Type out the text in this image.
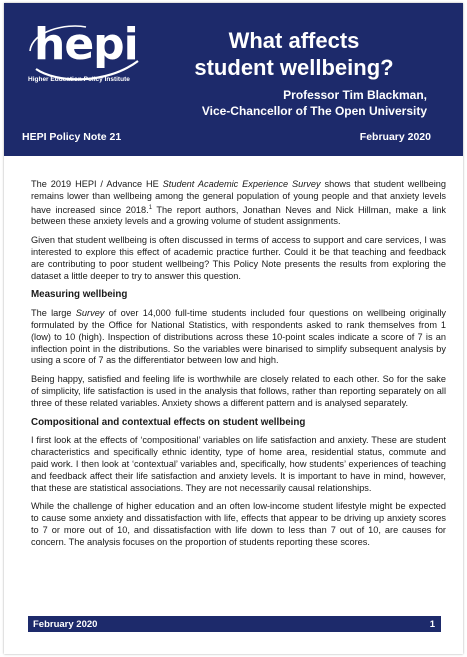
hepi
Higher Education Policy Institute
What affects
student wellbeing?
Professor Tim Blackman,
Vice-Chancellor of The Open University
HEPI Policy Note 21	February 2020

The 2019 HEPI / Advance HE Student Academic Experience Survey shows that student wellbeing remains lower than wellbeing among the general population of young people and that anxiety levels have increased since 2018.$^1$ The report authors, Jonathan Neves and Nick Hillman, make a link between these anxiety levels and a growing volume of student assignments.

Given that student wellbeing is often discussed in terms of access to support and care services, I was interested to explore this effect of academic practice further. Could it be that teaching and feedback are contributing to poor student wellbeing? This Policy Note presents the results from exploring the dataset a little deeper to try to answer this question.

Measuring wellbeing

The large Survey of over 14,000 full-time students included four questions on wellbeing originally formulated by the Office for National Statistics, with respondents asked to rank themselves from 1 (low) to 10 (high). Inspection of distributions across these 10-point scales indicate a score of 7 is an inflection point in the distributions. So the variables were binarised to simplify subsequent analysis by using a score of 7 as the differentiator between low and high.

Being happy, satisfied and feeling life is worthwhile are closely related to each other. So for the sake of simplicity, life satisfaction is used in the analysis that follows, rather than reporting separately on all three of these related variables. Anxiety shows a different pattern and is analysed separately.

Compositional and contextual effects on student wellbeing

I first look at the effects of ‘compositional’ variables on life satisfaction and anxiety. These are student characteristics and specifically ethnic identity, type of home area, residential status, commute and paid work. I then look at ‘contextual’ variables and, specifically, how students’ experiences of teaching and feedback affect their life satisfaction and anxiety levels. It is important to have in mind, however, that these are statistical associations. They are not necessarily causal relationships.

While the challenge of higher education and an often low-income student lifestyle might be expected to cause some anxiety and dissatisfaction with life, effects that appear to be driving up anxiety scores to 7 or more out of 10, and dissatisfaction with life down to less than 7 out of 10, are causes for concern. The analysis focuses on the proportion of students reporting these scores.

February 2020	1
